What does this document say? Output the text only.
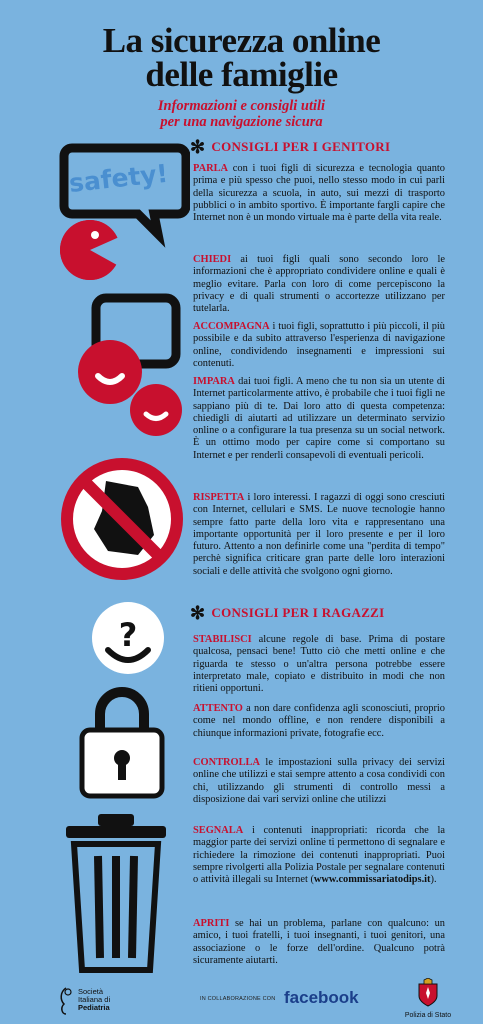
La sicurezza online
delle famiglie
Informazioni e consigli utili
per una navigazione sicura
safety!
?
✻ CONSIGLI PER I GENITORI
PARLA con i tuoi figli di sicurezza e tecnologia quanto prima e più spesso che puoi, nello stesso modo in cui parli della sicurezza a scuola, in auto, sui mezzi di trasporto pubblici o in ambito sportivo. È importante fargli capire che Internet non è un mondo virtuale ma è parte della vita reale.
CHIEDI ai tuoi figli quali sono secondo loro le informazioni che è appropriato condividere online e quali è meglio evitare. Parla con loro di come percepiscono la privacy e di quali strumenti o accortezze utilizzano per tutelarla.
ACCOMPAGNA i tuoi figli, soprattutto i più piccoli, il più possibile e da subito attraverso l'esperienza di navigazione online, condividendo insegnamenti e impressioni sui contenuti.
IMPARA dai tuoi figli. A meno che tu non sia un utente di Internet particolarmente attivo, è probabile che i tuoi figli ne sappiano più di te. Dai loro atto di questa competenza: chiedigli di aiutarti ad utilizzare un determinato servizio online o a configurare la tua presenza su un social network. È un ottimo modo per capire come si comportano su Internet e per renderli consapevoli di eventuali pericoli.
RISPETTA i loro interessi. I ragazzi di oggi sono cresciuti con Internet, cellulari e SMS. Le nuove tecnologie hanno sempre fatto parte della loro vita e rappresentano una importante opportunità per il loro presente e per il loro futuro. Attento a non definirle come una "perdita di tempo" perchè significa criticare gran parte delle loro interazioni sociali e delle attività che svolgono ogni giorno.
✻ CONSIGLI PER I RAGAZZI
STABILISCI alcune regole di base. Prima di postare qualcosa, pensaci bene! Tutto ciò che metti online e che riguarda te stesso o un'altra persona potrebbe essere interpretato male, copiato e distribuito in modi che non ritieni opportuni.
ATTENTO a non dare confidenza agli sconosciuti, proprio come nel mondo offline, e non rendere disponibili a chiunque informazioni private, fotografie ecc.
CONTROLLA le impostazioni sulla privacy dei servizi online che utilizzi e stai sempre attento a cosa condividi con chi, utilizzando gli strumenti di controllo messi a disposizione dai vari servizi online che utilizzi
SEGNALA i contenuti inappropriati: ricorda che la maggior parte dei servizi online ti permettono di segnalare e richiedere la rimozione dei contenuti inappropriati. Puoi sempre rivolgerti alla Polizia Postale per segnalare contenuti o attività illegali su Internet (www.commissariatodips.it).
APRITI se hai un problema, parlane con qualcuno: un amico, i tuoi fratelli, i tuoi insegnanti, i tuoi genitori, una associazione o le forze dell'ordine. Qualcuno potrà sicuramente aiutarti.
Società
Italiana di
Pediatria
IN COLLABORAZIONE CON facebook
Polizia di Stato
